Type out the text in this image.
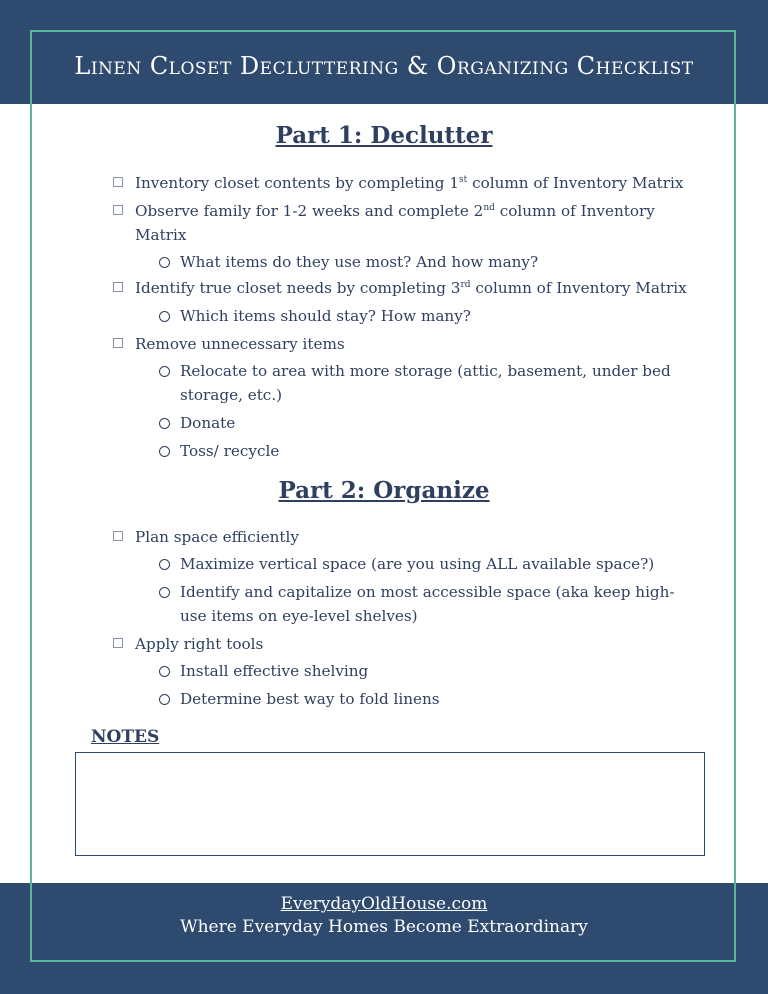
Linen Closet Decluttering & Organizing Checklist
Part 1: Declutter
Inventory closet contents by completing 1st column of Inventory Matrix
Observe family for 1-2 weeks and complete 2nd column of Inventory Matrix
What items do they use most? And how many?
Identify true closet needs by completing 3rd column of Inventory Matrix
Which items should stay? How many?
Remove unnecessary items
Relocate to area with more storage (attic, basement, under bed storage, etc.)
Donate
Toss/ recycle
Part 2: Organize
Plan space efficiently
Maximize vertical space (are you using ALL available space?)
Identify and capitalize on most accessible space (aka keep high-use items on eye-level shelves)
Apply right tools
Install effective shelving
Determine best way to fold linens
NOTES
EverydayOldHouse.com
Where Everyday Homes Become Extraordinary
